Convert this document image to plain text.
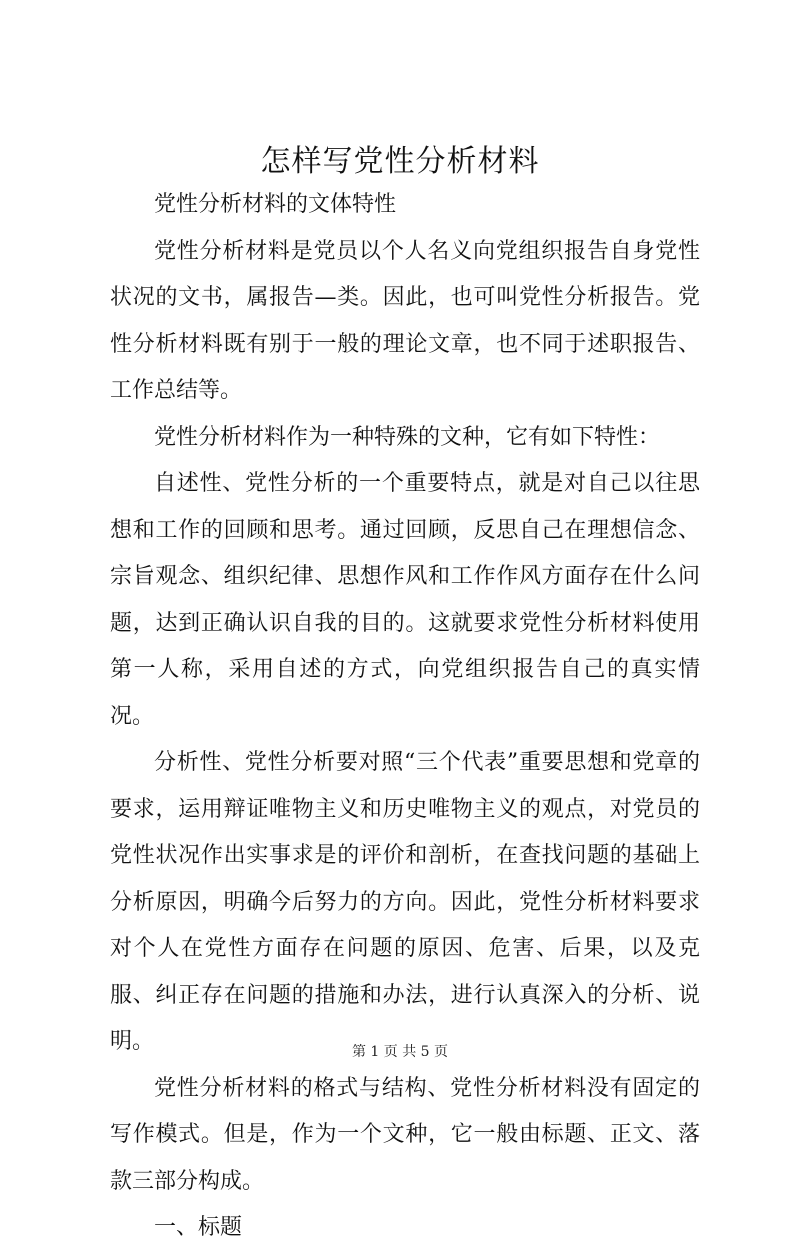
怎样写党性分析材料

党性分析材料的文体特性

党性分析材料是党员以个人名义向党组织报告自身党性状况的文书，属报告—类。因此，也可叫党性分析报告。党性分析材料既有别于一般的理论文章，也不同于述职报告、工作总结等。

党性分析材料作为一种特殊的文种，它有如下特性：

自述性、党性分析的一个重要特点，就是对自己以往思想和工作的回顾和思考。通过回顾，反思自己在理想信念、宗旨观念、组织纪律、思想作风和工作作风方面存在什么问题，达到正确认识自我的目的。这就要求党性分析材料使用第一人称，采用自述的方式，向党组织报告自己的真实情况。

分析性、党性分析要对照“三个代表”重要思想和党章的要求，运用辩证唯物主义和历史唯物主义的观点，对党员的党性状况作出实事求是的评价和剖析，在查找问题的基础上分析原因，明确今后努力的方向。因此，党性分析材料要求对个人在党性方面存在问题的原因、危害、后果，以及克服、纠正存在问题的措施和办法，进行认真深入的分析、说明。

党性分析材料的格式与结构、党性分析材料没有固定的写作模式。但是，作为一个文种，它一般由标题、正文、落款三部分构成。

一、标题

第 1 页 共 5 页
